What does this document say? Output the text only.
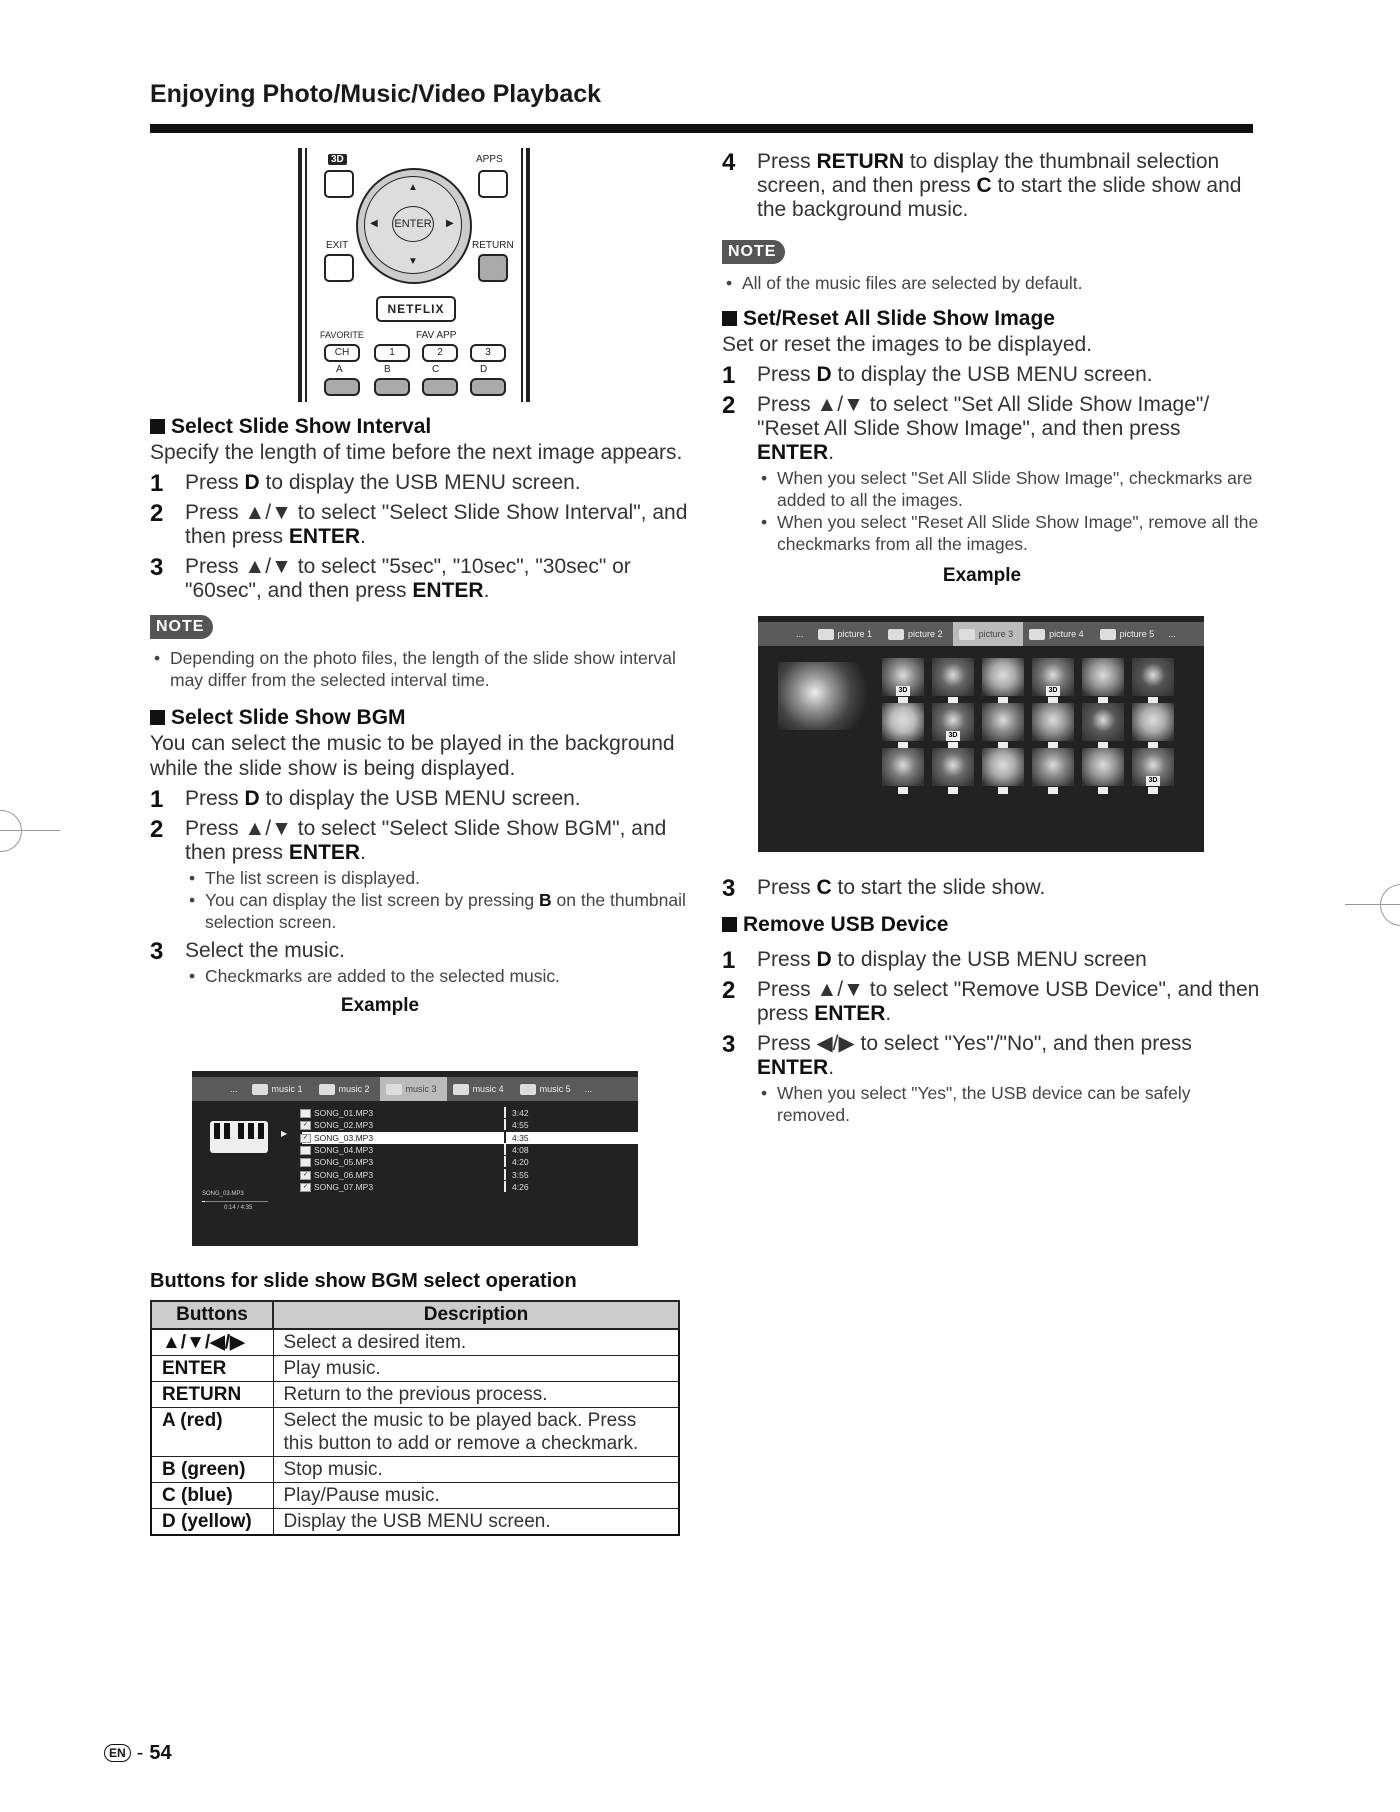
Enjoying Photo/Music/Video Playback
3D	APPS
▲
▼
◀	▶
ENTER
EXIT	RETURN
NETFLIX
FAVORITE	FAV APP
CH	1	2	3
A	B	C	D

Select Slide Show Interval

Specify the length of time before the next image appears.

1 Press D to display the USB MENU screen.
2 Press ▲/▼ to select "Select Slide Show Interval", and then press ENTER.
3 Press ▲/▼ to select "5sec", "10sec", "30sec" or "60sec", and then press ENTER.
NOTE

• Depending on the photo files, the length of the slide show interval may differ from the selected interval time.

Select Slide Show BGM

You can select the music to be played in the background while the slide show is being displayed.

1 Press D to display the USB MENU screen.
2 Press ▲/▼ to select "Select Slide Show BGM", and then press ENTER.

• The list screen is displayed.

• You can display the list screen by pressing B on the thumbnail selection screen.

3 Select the music.

• Checkmarks are added to the selected music.

Example
...	music 1	music 2	music 3	music 4	music 5	...
SONG_03.MP3
0:14 / 4:35
▶
SONG_01.MP3	3:42
✓ SONG_02.MP3	4:55
✓ SONG_03.MP3	4:35
SONG_04.MP3	4:08
SONG_05.MP3	4:20
✓ SONG_06.MP3	3:55
✓ SONG_07.MP3	4:26
Buttons for slide show BGM select operation
Buttons	Description
▲/▼/◀/▶	Select a desired item.
ENTER	Play music.
RETURN	Return to the previous process.
A (red)	Select the music to be played back. Press this button to add or remove a checkmark.
B (green)	Stop music.
C (blue)	Play/Pause music.
D (yellow)	Display the USB MENU screen.
4 Press RETURN to display the thumbnail selection screen, and then press C to start the slide show and the background music.
NOTE

• All of the music files are selected by default.

Set/Reset All Slide Show Image

Set or reset the images to be displayed.

1 Press D to display the USB MENU screen.
2 Press ▲/▼ to select "Set All Slide Show Image"/ "Reset All Slide Show Image", and then press ENTER.

• When you select "Set All Slide Show Image", checkmarks are added to all the images.

• When you select "Reset All Slide Show Image", remove all the checkmarks from all the images.

Example
...	picture 1	picture 2	picture 3	picture 4	picture 5	...
3D	3D
3D
3D
3 Press C to start the slide show.

Remove USB Device

1 Press D to display the USB MENU screen
2 Press ▲/▼ to select "Remove USB Device", and then press ENTER.
3 Press ◀/▶ to select "Yes"/"No", and then press ENTER.

• When you select "Yes", the USB device can be safely removed.

EN - 54
